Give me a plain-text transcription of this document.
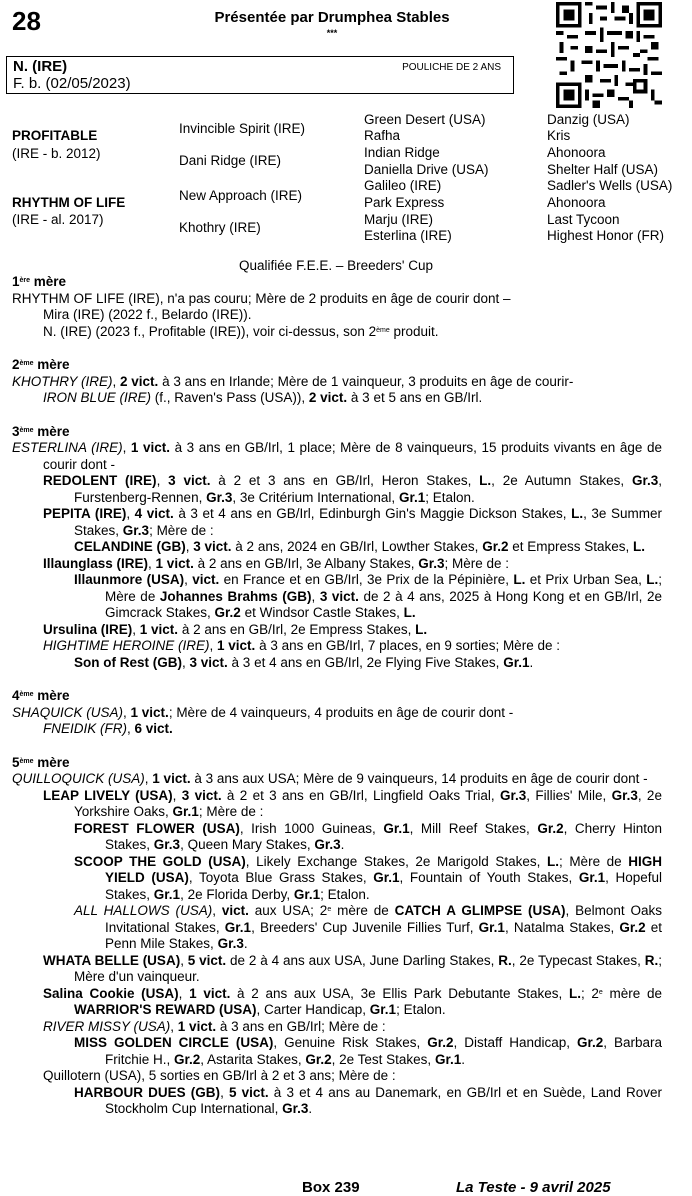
28	Présentée par Drumphea Stables
***
N. (IRE)
F. b. (02/05/2023)
POULICHE DE 2 ANS
PROFITABLE
(IRE - b. 2012)
RHYTHM OF LIFE
(IRE - al. 2017)
Invincible Spirit (IRE)
Dani Ridge (IRE)
New Approach (IRE)
Khothry (IRE)
Green Desert (USA)
Rafha
Indian Ridge
Daniella Drive (USA)
Galileo (IRE)
Park Express
Marju (IRE)
Esterlina (IRE)
Danzig (USA)
Kris
Ahonoora
Shelter Half (USA)
Sadler's Wells (USA)
Ahonoora
Last Tycoon
Highest Honor (FR)
Qualifiée F.E.E. – Breeders' Cup
1ère mère
RHYTHM OF LIFE (IRE), n'a pas couru; Mère de 2 produits en âge de courir dont –
Mira (IRE) (2022 f., Belardo (IRE)).
N. (IRE) (2023 f., Profitable (IRE)), voir ci-dessus, son 2ème produit.
2ème mère
KHOTHRY (IRE), 2 vict. à 3 ans en Irlande; Mère de 1 vainqueur, 3 produits en âge de courir-
IRON BLUE (IRE) (f., Raven's Pass (USA)), 2 vict. à 3 et 5 ans en GB/Irl.
3ème mère
ESTERLINA (IRE), 1 vict. à 3 ans en GB/Irl, 1 place; Mère de 8 vainqueurs, 15 produits vivants en âge de courir dont -
REDOLENT (IRE), 3 vict. à 2 et 3 ans en GB/Irl, Heron Stakes, L., 2e Autumn Stakes, Gr.3, Furstenberg-Rennen, Gr.3, 3e Critérium International, Gr.1; Etalon.
PEPITA (IRE), 4 vict. à 3 et 4 ans en GB/Irl, Edinburgh Gin's Maggie Dickson Stakes, L., 3e Summer Stakes, Gr.3; Mère de :
CELANDINE (GB), 3 vict. à 2 ans, 2024 en GB/Irl, Lowther Stakes, Gr.2 et Empress Stakes, L.
Illaunglass (IRE), 1 vict. à 2 ans en GB/Irl, 3e Albany Stakes, Gr.3; Mère de :
Illaunmore (USA), vict. en France et en GB/Irl, 3e Prix de la Pépinière, L. et Prix Urban Sea, L.; Mère de Johannes Brahms (GB), 3 vict. de 2 à 4 ans, 2025 à Hong Kong et en GB/Irl, 2e Gimcrack Stakes, Gr.2 et Windsor Castle Stakes, L.
Ursulina (IRE), 1 vict. à 2 ans en GB/Irl, 2e Empress Stakes, L.
HIGHTIME HEROINE (IRE), 1 vict. à 3 ans en GB/Irl, 7 places, en 9 sorties; Mère de :
Son of Rest (GB), 3 vict. à 3 et 4 ans en GB/Irl, 2e Flying Five Stakes, Gr.1.
4ème mère
SHAQUICK (USA), 1 vict.; Mère de 4 vainqueurs, 4 produits en âge de courir dont -
FNEIDIK (FR), 6 vict.
5ème mère
QUILLOQUICK (USA), 1 vict. à 3 ans aux USA; Mère de 9 vainqueurs, 14 produits en âge de courir dont -
LEAP LIVELY (USA), 3 vict. à 2 et 3 ans en GB/Irl, Lingfield Oaks Trial, Gr.3, Fillies' Mile, Gr.3, 2e Yorkshire Oaks, Gr.1; Mère de :
FOREST FLOWER (USA), Irish 1000 Guineas, Gr.1, Mill Reef Stakes, Gr.2, Cherry Hinton Stakes, Gr.3, Queen Mary Stakes, Gr.3.
SCOOP THE GOLD (USA), Likely Exchange Stakes, 2e Marigold Stakes, L.; Mère de HIGH YIELD (USA), Toyota Blue Grass Stakes, Gr.1, Fountain of Youth Stakes, Gr.1, Hopeful Stakes, Gr.1, 2e Florida Derby, Gr.1; Etalon.
ALL HALLOWS (USA), vict. aux USA; 2e mère de CATCH A GLIMPSE (USA), Belmont Oaks Invitational Stakes, Gr.1, Breeders' Cup Juvenile Fillies Turf, Gr.1, Natalma Stakes, Gr.2 et Penn Mile Stakes, Gr.3.
WHATA BELLE (USA), 5 vict. de 2 à 4 ans aux USA, June Darling Stakes, R., 2e Typecast Stakes, R.; Mère d'un vainqueur.
Salina Cookie (USA), 1 vict. à 2 ans aux USA, 3e Ellis Park Debutante Stakes, L.; 2e mère de WARRIOR'S REWARD (USA), Carter Handicap, Gr.1; Etalon.
RIVER MISSY (USA), 1 vict. à 3 ans en GB/Irl; Mère de :
MISS GOLDEN CIRCLE (USA), Genuine Risk Stakes, Gr.2, Distaff Handicap, Gr.2, Barbara Fritchie H., Gr.2, Astarita Stakes, Gr.2, 2e Test Stakes, Gr.1.
Quillotern (USA), 5 sorties en GB/Irl à 2 et 3 ans; Mère de :
HARBOUR DUES (GB), 5 vict. à 3 et 4 ans au Danemark, en GB/Irl et en Suède, Land Rover Stockholm Cup International, Gr.3.
Box 239	La Teste - 9 avril 2025
